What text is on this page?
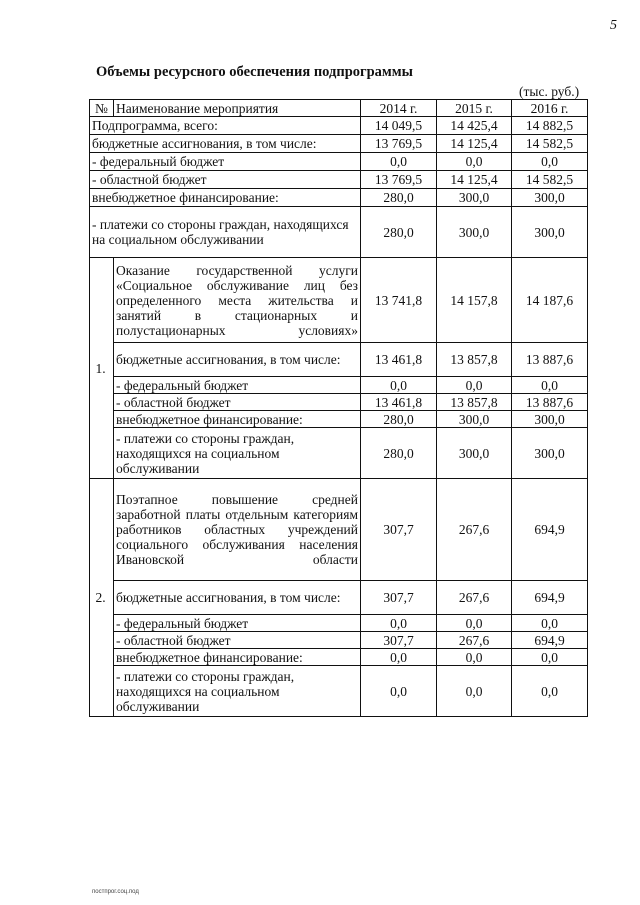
5
Объемы ресурсного обеспечения подпрограммы
(тыс. руб.)
№	Наименование мероприятия	2014 г.	2015 г.	2016 г.
Подпрограмма, всего:		14 049,5	14 425,4	14 882,5
бюджетные ассигнования, в том числе:		13 769,5	14 125,4	14 582,5
- федеральный бюджет		0,0	0,0	0,0
- областной бюджет		13 769,5	14 125,4	14 582,5
внебюджетное финансирование:		280,0	300,0	300,0
- платежи со стороны граждан, находящихся на социальном обслуживании		280,0	300,0	300,0
1.	Оказание государственной услуги «Социальное обслуживание лиц без определенного места жительства и занятий в стационарных и полустационарных условиях»	13 741,8	14 157,8	14 187,6
	бюджетные ассигнования, в том числе:	13 461,8	13 857,8	13 887,6
	- федеральный бюджет	0,0	0,0	0,0
	- областной бюджет	13 461,8	13 857,8	13 887,6
	внебюджетное финансирование:	280,0	300,0	300,0
	- платежи со стороны граждан, находящихся на социальном обслуживании	280,0	300,0	300,0
2.	Поэтапное повышение средней заработной платы отдельным категориям работников областных учреждений социального обслуживания населения Ивановской области	307,7	267,6	694,9
	бюджетные ассигнования, в том числе:	307,7	267,6	694,9
	- федеральный бюджет	0,0	0,0	0,0
	- областной бюджет	307,7	267,6	694,9
	внебюджетное финансирование:	0,0	0,0	0,0
	- платежи со стороны граждан, находящихся на социальном обслуживании	0,0	0,0	0,0
постпрог.соц.под
